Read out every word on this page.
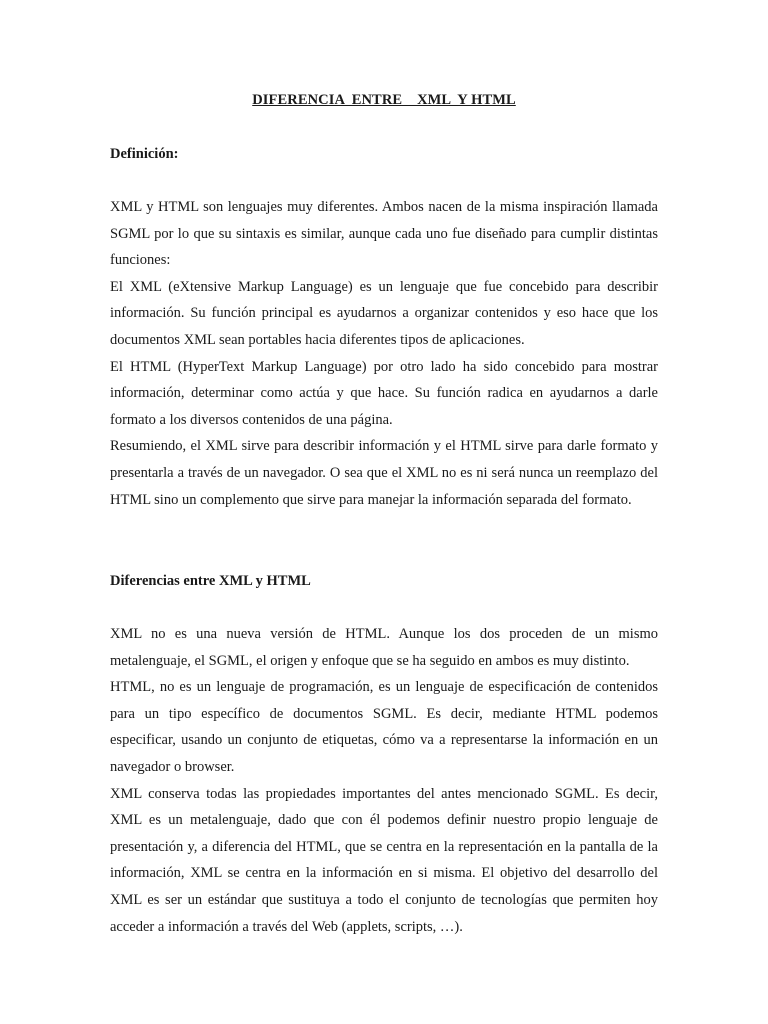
DIFERENCIA  ENTRE    XML  Y HTML
Definición:

XML y HTML son lenguajes muy diferentes. Ambos nacen de la misma inspiración llamada SGML por lo que su sintaxis es similar, aunque cada uno fue diseñado para cumplir distintas funciones:

El XML (eXtensive Markup Language) es un lenguaje que fue concebido para describir información. Su función principal es ayudarnos a organizar contenidos y eso hace que los documentos XML sean portables hacia diferentes tipos de aplicaciones.

El HTML (HyperText Markup Language) por otro lado ha sido concebido para mostrar información, determinar como actúa y que hace. Su función radica en ayudarnos a darle formato a los diversos contenidos de una página.

Resumiendo, el XML sirve para describir información y el HTML sirve para darle formato y presentarla a través de un navegador. O sea que el XML no es ni será nunca un reemplazo del HTML sino un complemento que sirve para manejar la información separada del formato.

Diferencias entre XML y HTML

XML no es una nueva versión de HTML. Aunque los dos proceden de un mismo metalenguaje, el SGML, el origen y enfoque que se ha seguido en ambos es muy distinto.

HTML, no es un lenguaje de programación, es un lenguaje de especificación de contenidos para un tipo específico de documentos SGML. Es decir, mediante HTML podemos especificar, usando un conjunto de etiquetas, cómo va a representarse la información en un navegador o browser.

XML conserva todas las propiedades importantes del antes mencionado SGML. Es decir, XML es un metalenguaje, dado que con él podemos definir nuestro propio lenguaje de presentación y, a diferencia del HTML, que se centra en la representación en la pantalla de la información, XML se centra en la información en si misma. El objetivo del desarrollo del XML es ser un estándar que sustituya a todo el conjunto de tecnologías que permiten hoy acceder a información a través del Web (applets, scripts, …).
